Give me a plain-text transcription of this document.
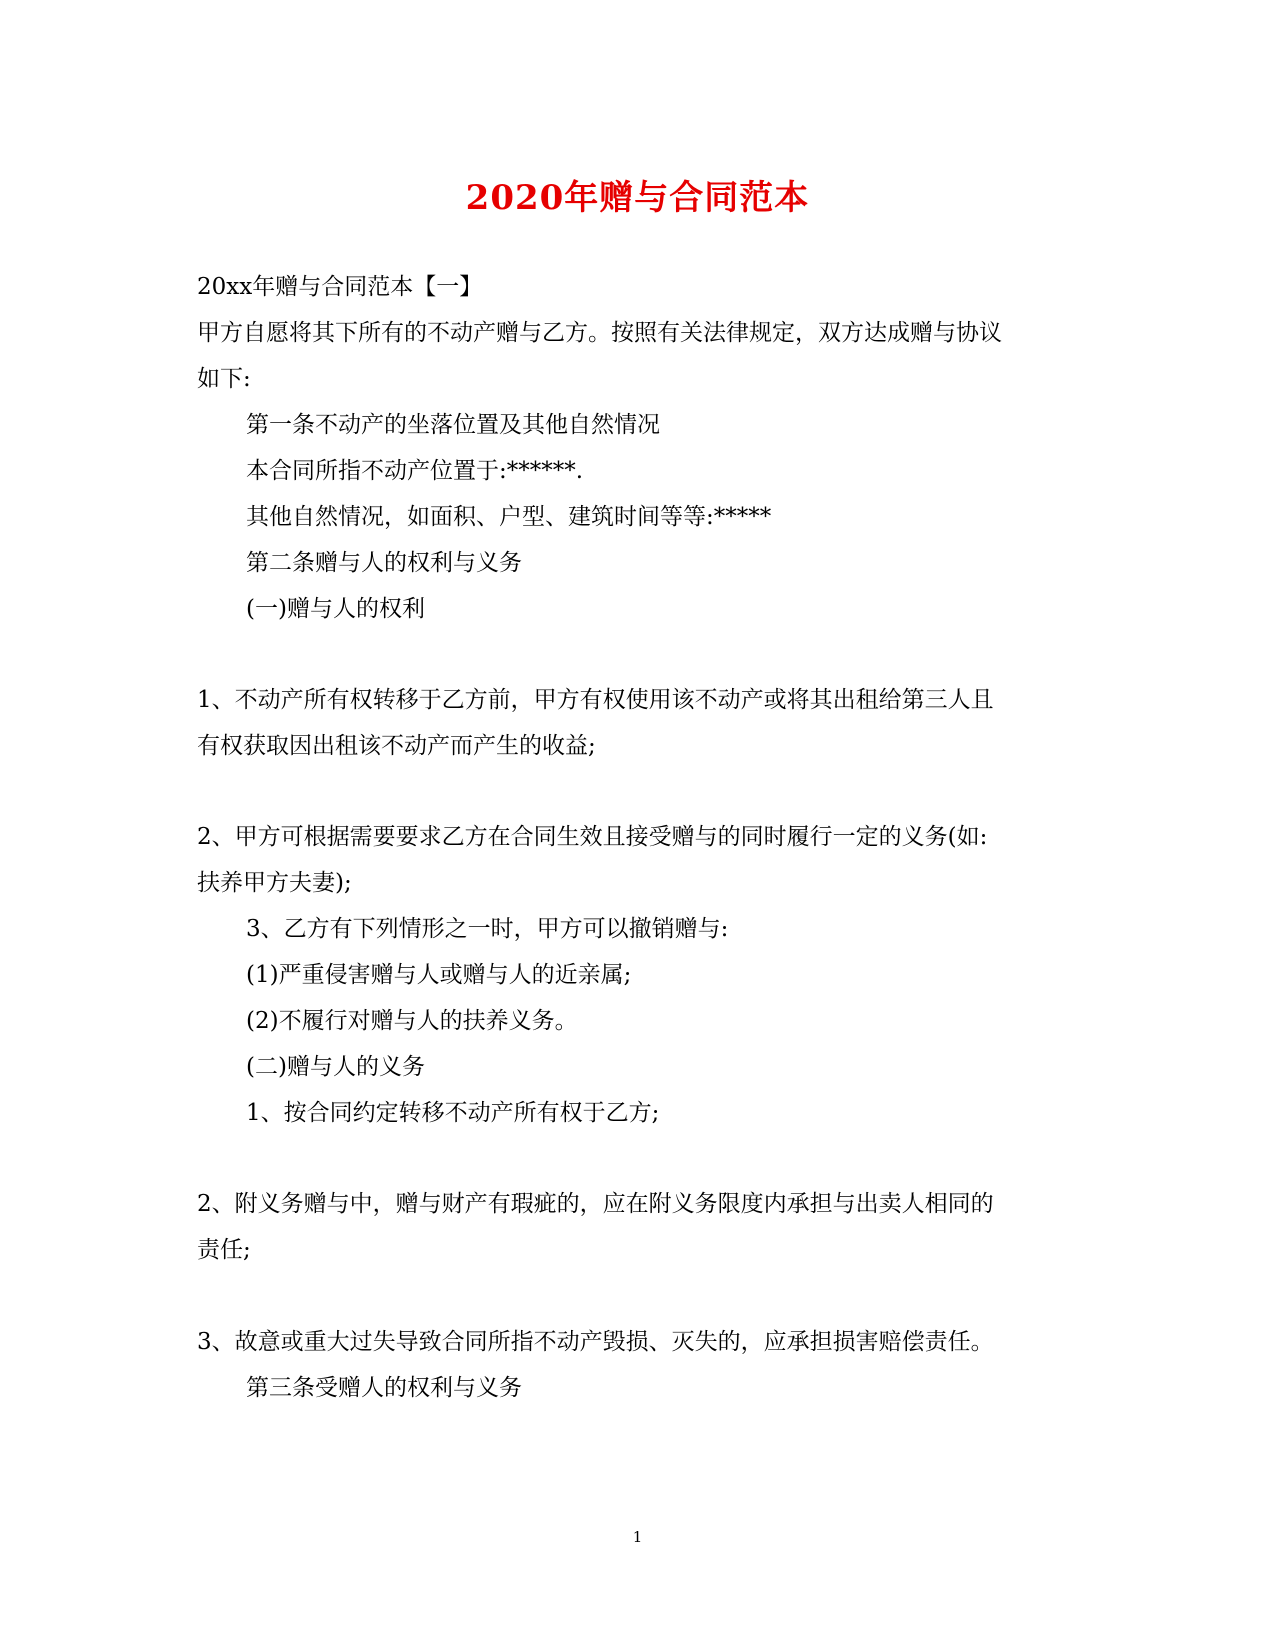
2020年赠与合同范本
20xx年赠与合同范本【一】
甲方自愿将其下所有的不动产赠与乙方。按照有关法律规定，双方达成赠与协议
如下:
第一条不动产的坐落位置及其他自然情况
本合同所指不动产位置于:******.
其他自然情况，如面积、户型、建筑时间等等:*****
第二条赠与人的权利与义务
(一)赠与人的权利
1、不动产所有权转移于乙方前，甲方有权使用该不动产或将其出租给第三人且
有权获取因出租该不动产而产生的收益;
2、甲方可根据需要要求乙方在合同生效且接受赠与的同时履行一定的义务(如:
扶养甲方夫妻);
3、乙方有下列情形之一时，甲方可以撤销赠与:
(1)严重侵害赠与人或赠与人的近亲属;
(2)不履行对赠与人的扶养义务。
(二)赠与人的义务
1、按合同约定转移不动产所有权于乙方;
2、附义务赠与中，赠与财产有瑕疵的，应在附义务限度内承担与出卖人相同的
责任;
3、故意或重大过失导致合同所指不动产毁损、灭失的，应承担损害赔偿责任。
第三条受赠人的权利与义务
1
